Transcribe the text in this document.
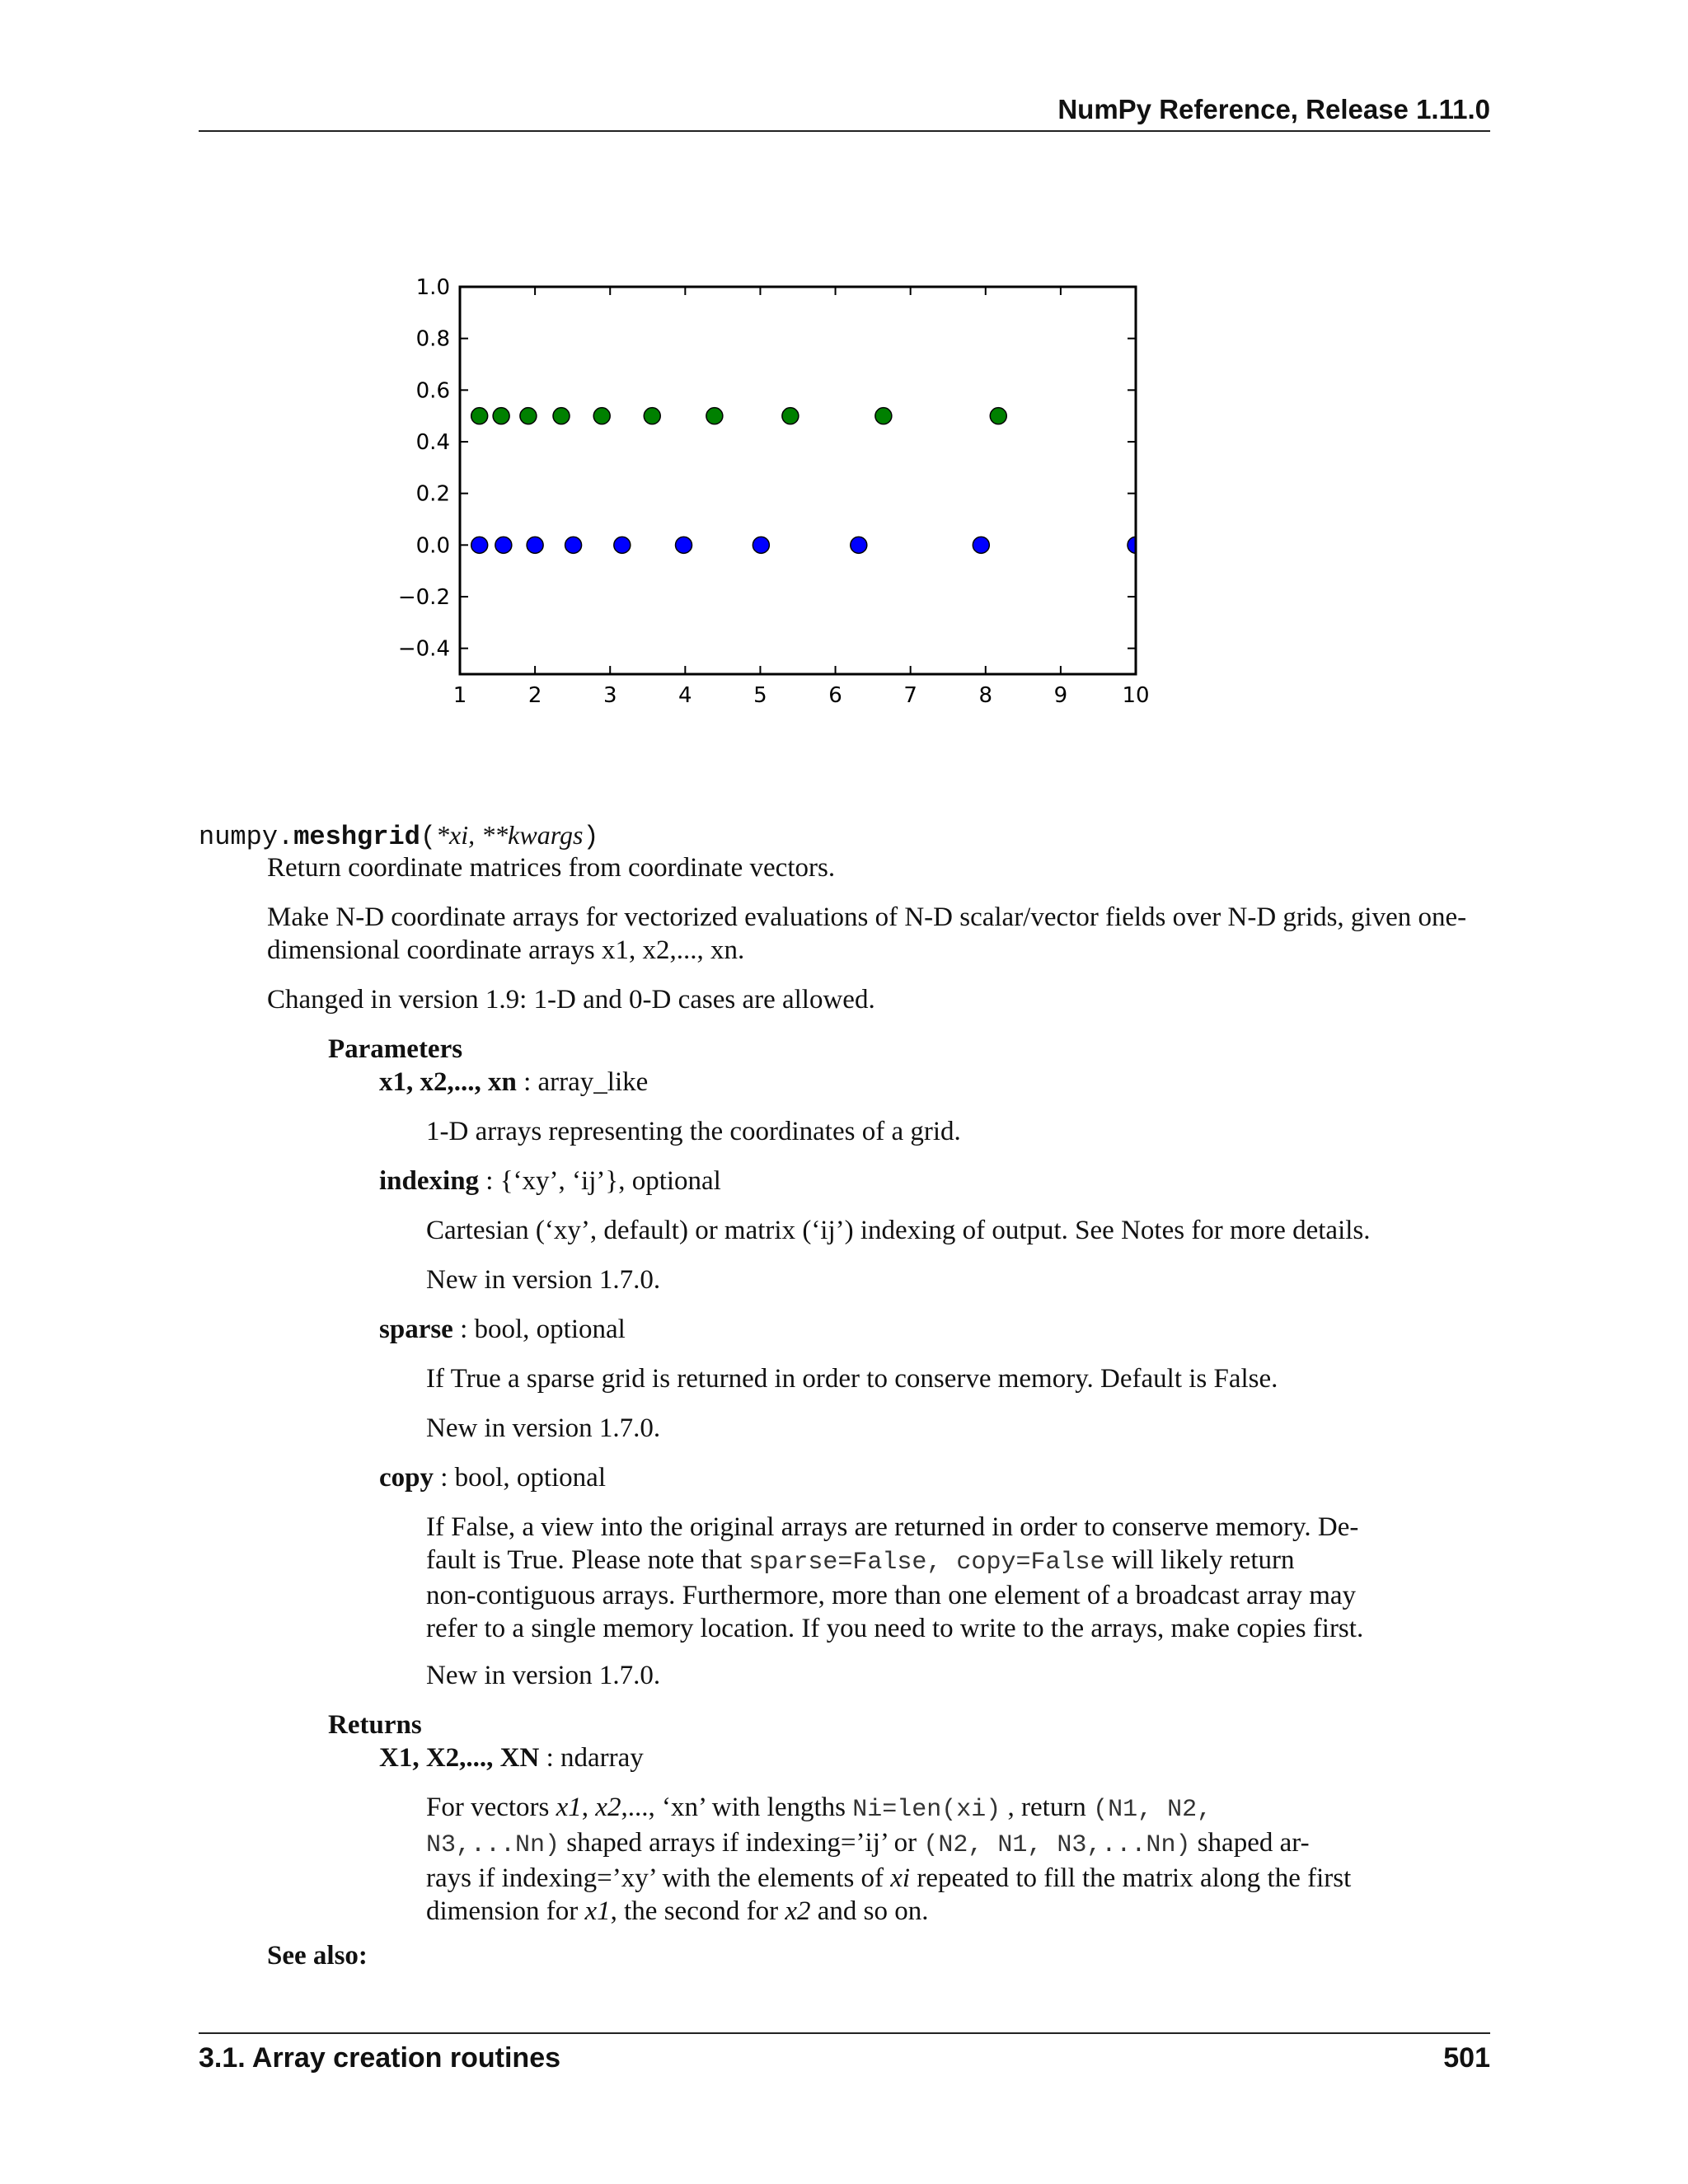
NumPy Reference, Release 1.11.0
−0.4
−0.2
0.0
0.2
0.4
0.6
0.8
1.0
1	2	3	4	5	6	7	8	9	10
numpy.meshgrid(*xi, **kwargs)
Return coordinate matrices from coordinate vectors.
Make N-D coordinate arrays for vectorized evaluations of N-D scalar/vector fields over N-D grids, given one-
dimensional coordinate arrays x1, x2,..., xn.
Changed in version 1.9: 1-D and 0-D cases are allowed.
Parameters
x1, x2,..., xn : array_like
1-D arrays representing the coordinates of a grid.
indexing : {‘xy’, ‘ij’}, optional
Cartesian (‘xy’, default) or matrix (‘ij’) indexing of output. See Notes for more details.
New in version 1.7.0.
sparse : bool, optional
If True a sparse grid is returned in order to conserve memory. Default is False.
New in version 1.7.0.
copy : bool, optional
If False, a view into the original arrays are returned in order to conserve memory. De-
fault is True. Please note that sparse=False, copy=False will likely return
non-contiguous arrays. Furthermore, more than one element of a broadcast array may
refer to a single memory location. If you need to write to the arrays, make copies first.
New in version 1.7.0.
Returns
X1, X2,..., XN : ndarray
For vectors x1, x2,..., ‘xn’ with lengths Ni=len(xi) , return (N1, N2,
N3,...Nn) shaped arrays if indexing=’ij’ or (N2, N1, N3,...Nn) shaped ar-
rays if indexing=’xy’ with the elements of xi repeated to fill the matrix along the first
dimension for x1, the second for x2 and so on.
See also:
3.1. Array creation routines	501
